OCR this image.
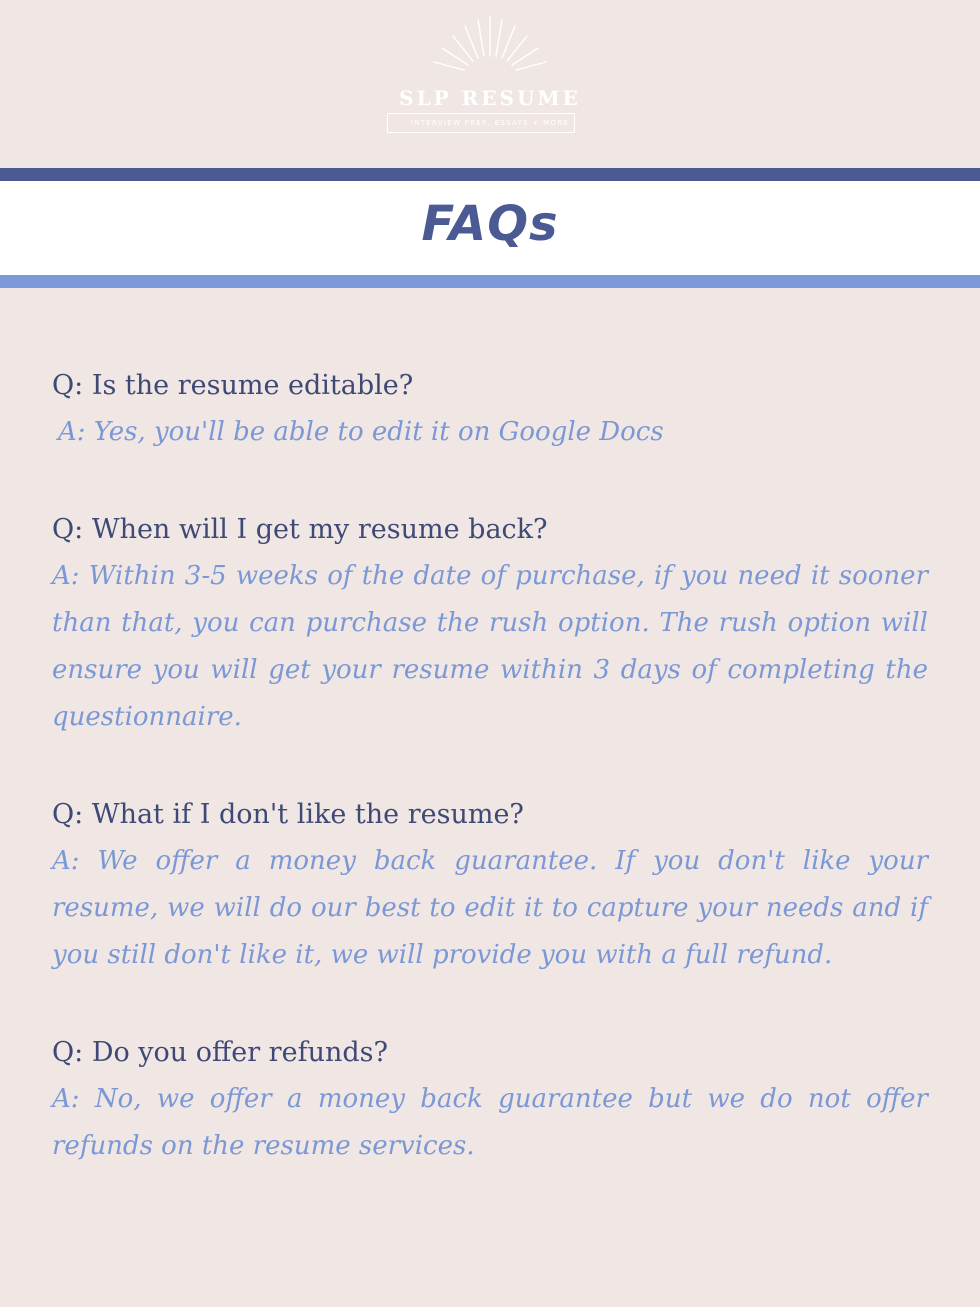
SLP RESUME
INTERVIEW PREP, ESSAYS + MORE
FAQs

Q: Is the resume editable?

A: Yes, you'll be able to edit it on Google Docs

Q: When will I get my resume back?

A: Within 3-5 weeks of the date of purchase, if you need it sooner than that, you can purchase the rush option. The rush option will ensure you will get your resume within 3 days of completing the questionnaire.

Q: What if I don't like the resume?

A: We offer a money back guarantee. If you don't like your resume, we will do our best to edit it to capture your needs and if you still don't like it, we will provide you with a full refund.

Q: Do you offer refunds?

A: No, we offer a money back guarantee but we do not offer refunds on the resume services.
